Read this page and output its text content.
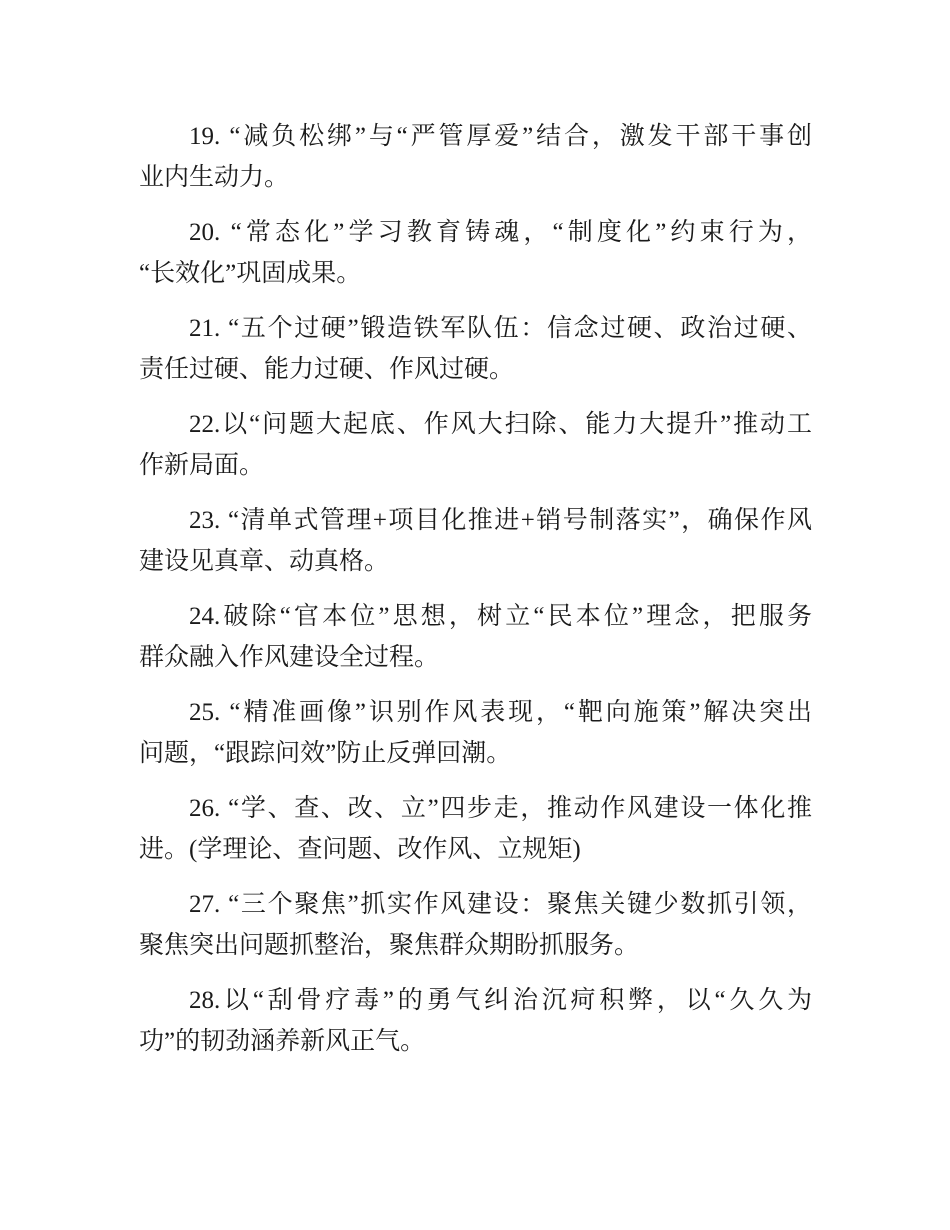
19. “减负松绑”与“严管厚爱”结合，激发干部干事创
业内生动力。
20. “常态化”学习教育铸魂，“制度化”约束行为，
“长效化”巩固成果。
21. “五个过硬”锻造铁军队伍：信念过硬、政治过硬、
责任过硬、能力过硬、作风过硬。
22.以“问题大起底、作风大扫除、能力大提升”推动工
作新局面。
23. “清单式管理+项目化推进+销号制落实”，确保作风
建设见真章、动真格。
24.破除“官本位”思想，树立“民本位”理念，把服务
群众融入作风建设全过程。
25. “精准画像”识别作风表现，“靶向施策”解决突出
问题，“跟踪问效”防止反弹回潮。
26. “学、查、改、立”四步走，推动作风建设一体化推
进。(学理论、查问题、改作风、立规矩)
27. “三个聚焦”抓实作风建设：聚焦关键少数抓引领，
聚焦突出问题抓整治，聚焦群众期盼抓服务。
28.以“刮骨疗毒”的勇气纠治沉疴积弊，以“久久为
功”的韧劲涵养新风正气。
